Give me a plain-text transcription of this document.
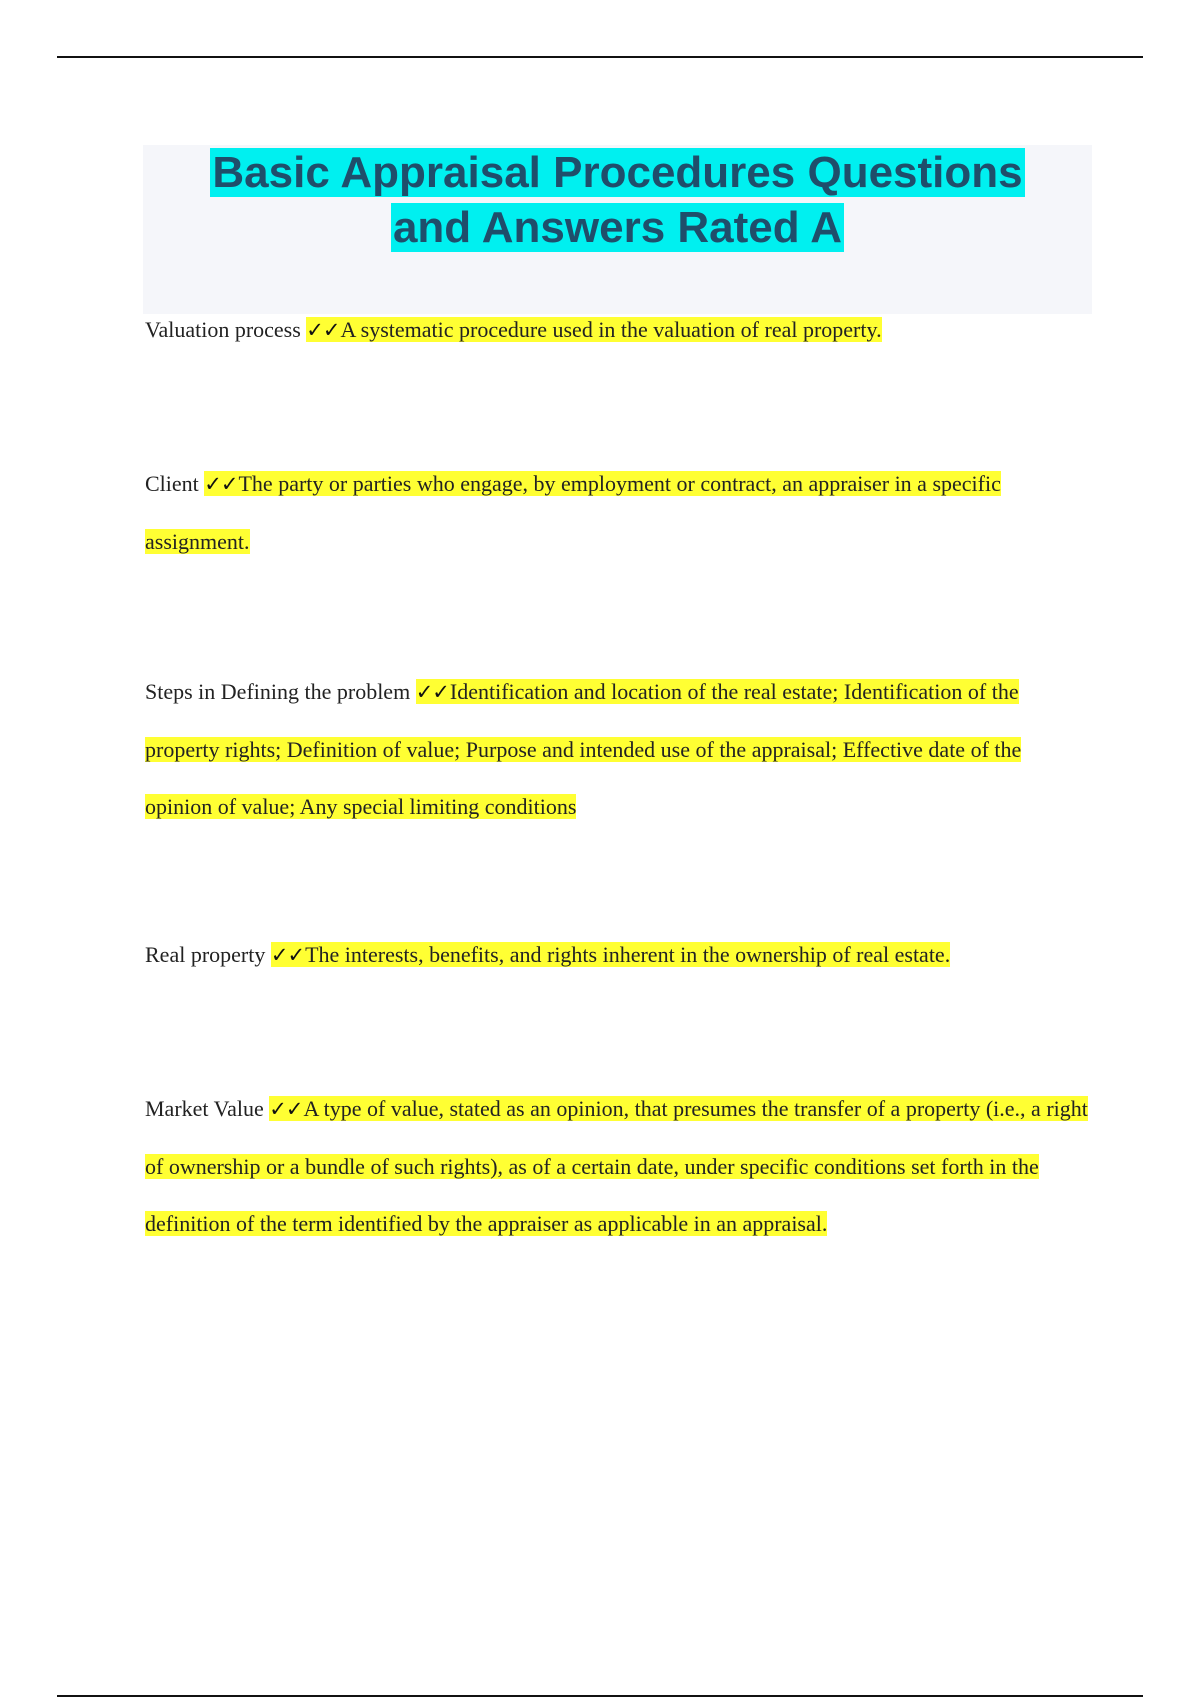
Basic Appraisal Procedures Questions
and Answers Rated A

Valuation process ✓✓A systematic procedure used in the valuation of real property.

Client ✓✓The party or parties who engage, by employment or contract, an appraiser in a specific assignment.

Steps in Defining the problem ✓✓Identification and location of the real estate; Identification of the property rights; Definition of value; Purpose and intended use of the appraisal; Effective date of the opinion of value; Any special limiting conditions

Real property ✓✓The interests, benefits, and rights inherent in the ownership of real estate.

Market Value ✓✓A type of value, stated as an opinion, that presumes the transfer of a property (i.e., a right of ownership or a bundle of such rights), as of a certain date, under specific conditions set forth in the definition of the term identified by the appraiser as applicable in an appraisal.
